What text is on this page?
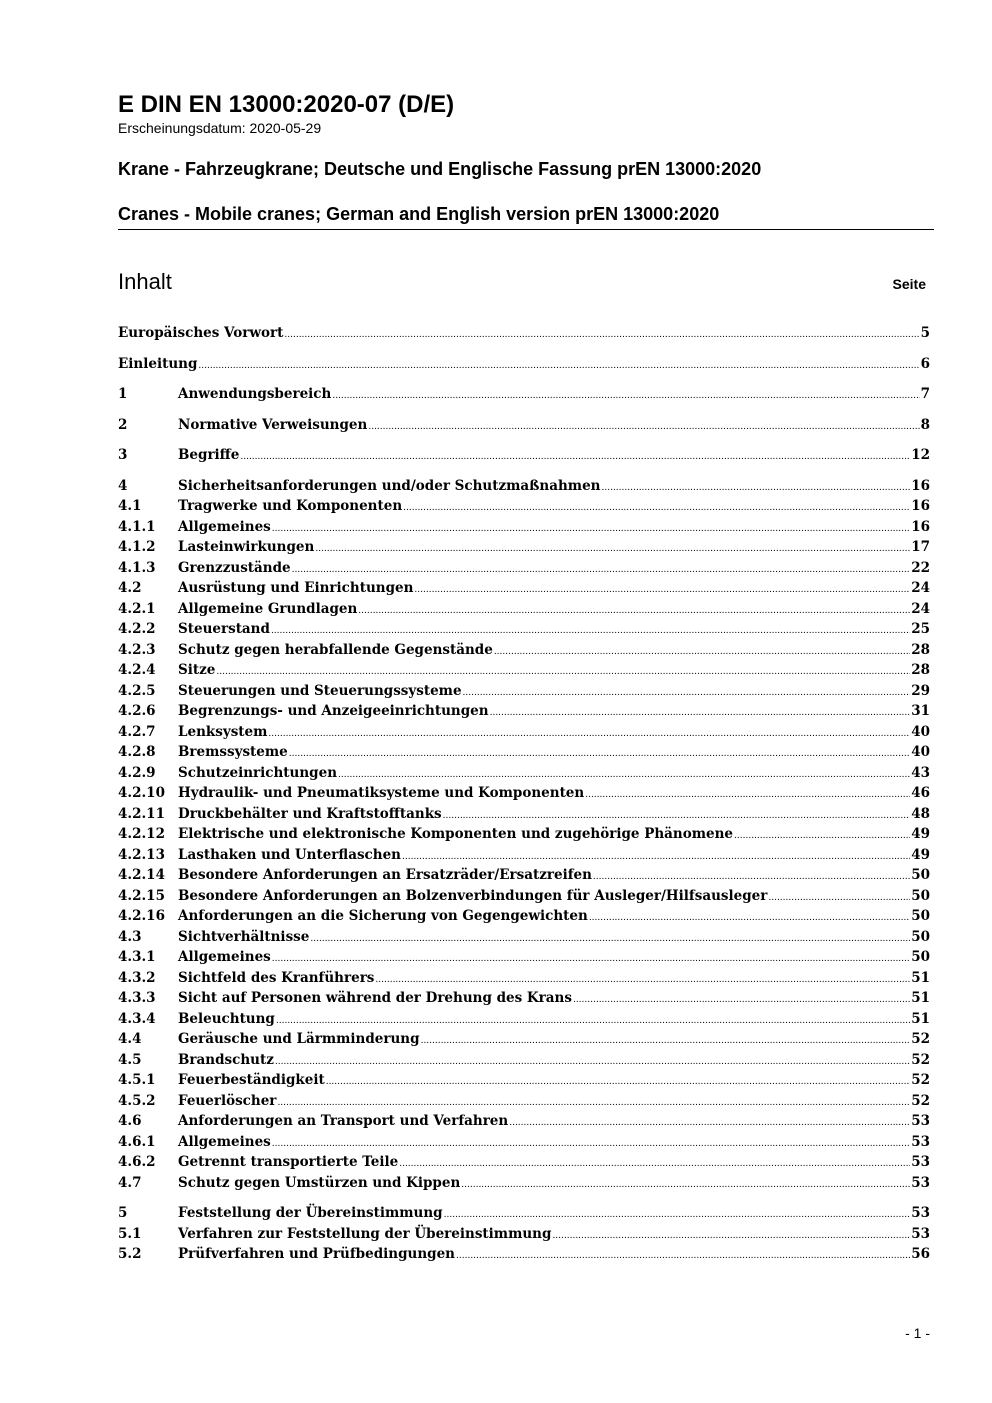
E DIN EN 13000:2020-07 (D/E)

Erscheinungsdatum: 2020-05-29

Krane - Fahrzeugkrane; Deutsche und Englische Fassung prEN 13000:2020
Cranes - Mobile cranes; German and English version prEN 13000:2020
Inhalt	Seite
Europäisches Vorwort .....	5
Einleitung .....	6
1	Anwendungsbereich .....	7
2	Normative Verweisungen .....	8
3	Begriffe .....	12
4	Sicherheitsanforderungen und/oder Schutzmaßnahmen .....	16
4.1	Tragwerke und Komponenten .....	16
4.1.1	Allgemeines .....	16
4.1.2	Lasteinwirkungen .....	17
4.1.3	Grenzzustände .....	22
4.2	Ausrüstung und Einrichtungen .....	24
4.2.1	Allgemeine Grundlagen .....	24
4.2.2	Steuerstand .....	25
4.2.3	Schutz gegen herabfallende Gegenstände .....	28
4.2.4	Sitze .....	28
4.2.5	Steuerungen und Steuerungssysteme .....	29
4.2.6	Begrenzungs- und Anzeigeeinrichtungen .....	31
4.2.7	Lenksystem .....	40
4.2.8	Bremssysteme .....	40
4.2.9	Schutzeinrichtungen .....	43
4.2.10 Hydraulik- und Pneumatiksysteme und Komponenten .....	46
4.2.11 Druckbehälter und Kraftstofftanks .....	48
4.2.12 Elektrische und elektronische Komponenten und zugehörige Phänomene .....	49
4.2.13 Lasthaken und Unterflaschen .....	49
4.2.14 Besondere Anforderungen an Ersatzräder/Ersatzreifen .....	50
4.2.15 Besondere Anforderungen an Bolzenverbindungen für Ausleger/Hilfsausleger .....	50
4.2.16 Anforderungen an die Sicherung von Gegengewichten .....	50
4.3	Sichtverhältnisse .....	50
4.3.1	Allgemeines .....	50
4.3.2	Sichtfeld des Kranführers .....	51
4.3.3	Sicht auf Personen während der Drehung des Krans .....	51
4.3.4	Beleuchtung .....	51
4.4	Geräusche und Lärmminderung .....	52
4.5	Brandschutz .....	52
4.5.1	Feuerbeständigkeit .....	52
4.5.2	Feuerlöscher .....	52
4.6	Anforderungen an Transport und Verfahren .....	53
4.6.1	Allgemeines .....	53
4.6.2	Getrennt transportierte Teile .....	53
4.7	Schutz gegen Umstürzen und Kippen .....	53
5	Feststellung der Übereinstimmung .....	53
5.1	Verfahren zur Feststellung der Übereinstimmung .....	53
5.2	Prüfverfahren und Prüfbedingungen .....	56
- 1 -
